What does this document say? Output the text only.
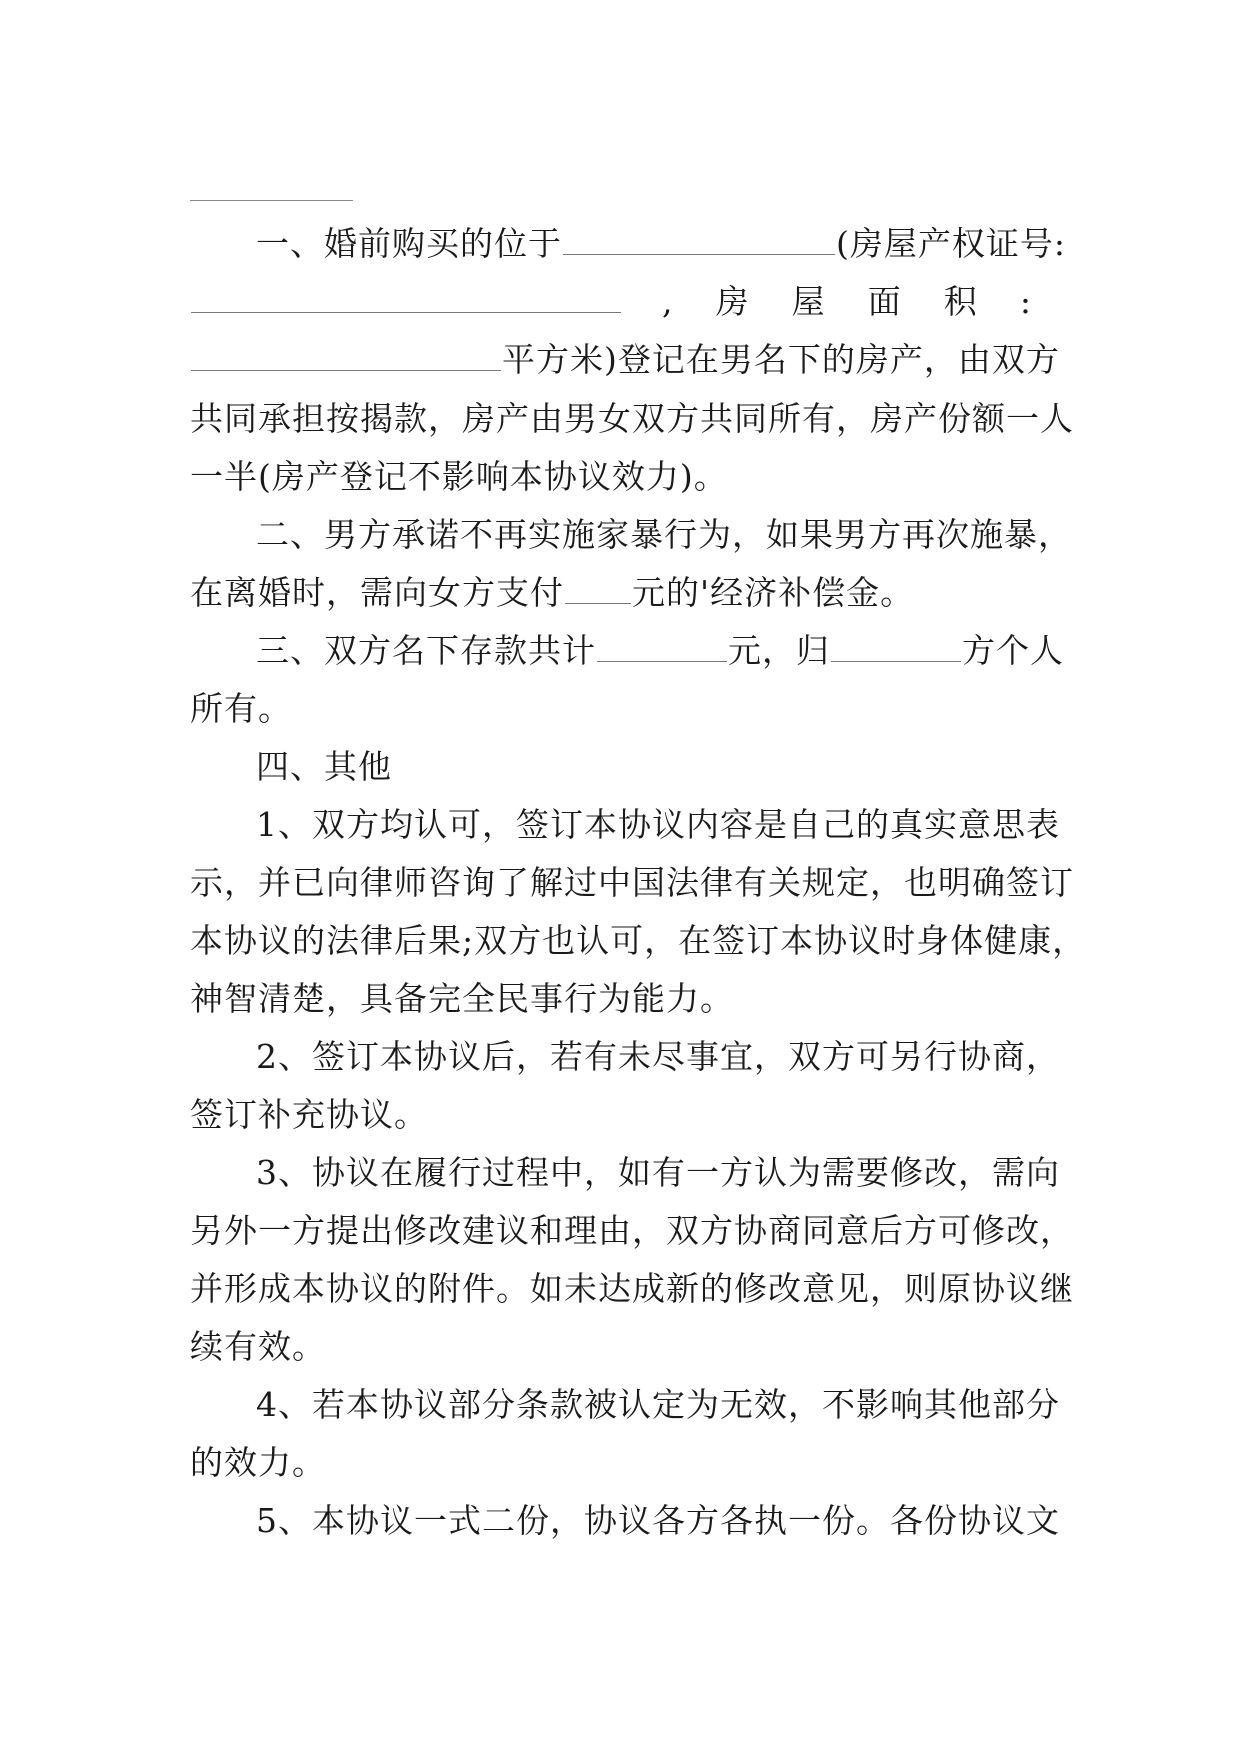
一、婚前购买的位于	(房屋产权证号:
, 房 屋 面 积 :
平方米)登记在男名下的房产，由双方
共同承担按揭款，房产由男女双方共同所有，房产份额一人
一半(房产登记不影响本协议效力)。
二、男方承诺不再实施家暴行为，如果男方再次施暴，
在离婚时，需向女方支付 元的'经济补偿金。
三、双方名下存款共计	元，归	方个人
所有。
四、其他
1、双方均认可，签订本协议内容是自己的真实意思表
示，并已向律师咨询了解过中国法律有关规定，也明确签订
本协议的法律后果;双方也认可，在签订本协议时身体健康，
神智清楚，具备完全民事行为能力。
2、签订本协议后，若有未尽事宜，双方可另行协商，
签订补充协议。
3、协议在履行过程中，如有一方认为需要修改，需向
另外一方提出修改建议和理由，双方协商同意后方可修改，
并形成本协议的附件。如未达成新的修改意见，则原协议继
续有效。
4、若本协议部分条款被认定为无效，不影响其他部分
的效力。
5、本协议一式二份，协议各方各执一份。各份协议文
